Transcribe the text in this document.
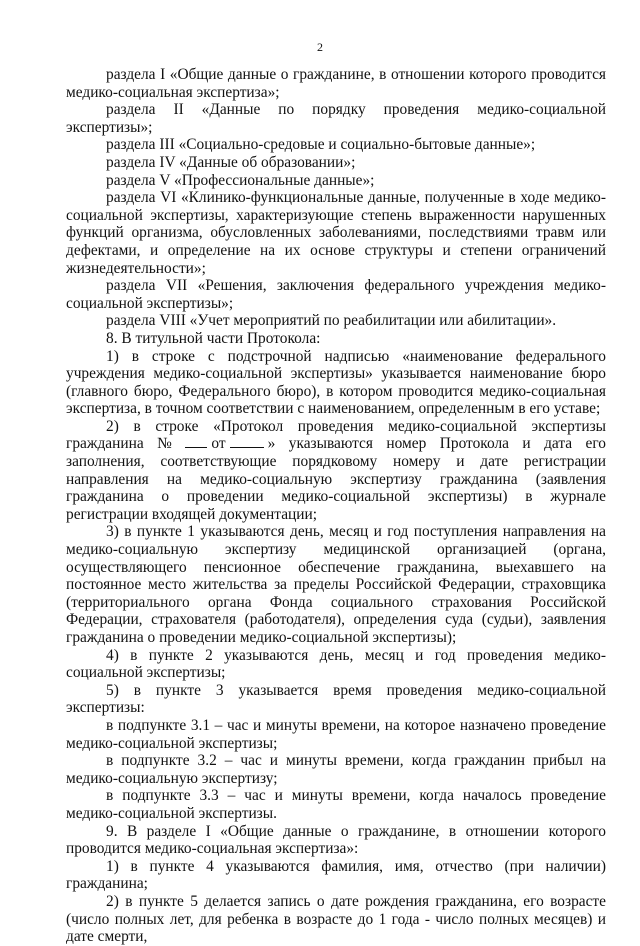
2

раздела I «Общие данные о гражданине, в отношении которого проводится медико-социальная экспертиза»;

раздела II «Данные по порядку проведения медико-социальной экспертизы»;

раздела III «Социально-средовые и социально-бытовые данные»;

раздела IV «Данные об образовании»;

раздела V «Профессиональные данные»;

раздела VI «Клинико-функциональные данные, полученные в ходе медико-социальной экспертизы, характеризующие степень выраженности нарушенных функций организма, обусловленных заболеваниями, последствиями травм или дефектами, и определение на их основе структуры и степени ограничений жизнедеятельности»;

раздела VII «Решения, заключения федерального учреждения медико-социальной экспертизы»;

раздела VIII «Учет мероприятий по реабилитации или абилитации».

8. В титульной части Протокола:

1) в строке с подстрочной надписью «наименование федерального учреждения медико-социальной экспертизы» указывается наименование бюро (главного бюро, Федерального бюро), в котором проводится медико-социальная экспертиза, в точном соответствии с наименованием, определенным в его уставе;

2) в строке «Протокол проведения медико-социальной экспертизы гражданина № от	» указываются номер Протокола и дата его заполнения, соответствующие порядковому номеру и дате регистрации направления на медико-социальную экспертизу гражданина (заявления гражданина о проведении медико-социальной экспертизы) в журнале регистрации входящей документации;

3) в пункте 1 указываются день, месяц и год поступления направления на медико-социальную экспертизу медицинской организацией (органа, осуществляющего пенсионное обеспечение гражданина, выехавшего на постоянное место жительства за пределы Российской Федерации, страховщика (территориального органа Фонда социального страхования Российской Федерации, страхователя (работодателя), определения суда (судьи), заявления гражданина о проведении медико-социальной экспертизы);

4) в пункте 2 указываются день, месяц и год проведения медико-социальной экспертизы;

5) в пункте 3 указывается время проведения медико-социальной экспертизы:

в подпункте 3.1 – час и минуты времени, на которое назначено проведение медико-социальной экспертизы;

в подпункте 3.2 – час и минуты времени, когда гражданин прибыл на медико-социальную экспертизу;

в подпункте 3.3 – час и минуты времени, когда началось проведение медико-социальной экспертизы.

9. В разделе I «Общие данные о гражданине, в отношении которого проводится медико-социальная экспертиза»:

1) в пункте 4 указываются фамилия, имя, отчество (при наличии) гражданина;

2) в пункте 5 делается запись о дате рождения гражданина, его возрасте (число полных лет, для ребенка в возрасте до 1 года - число полных месяцев) и дате смерти,
